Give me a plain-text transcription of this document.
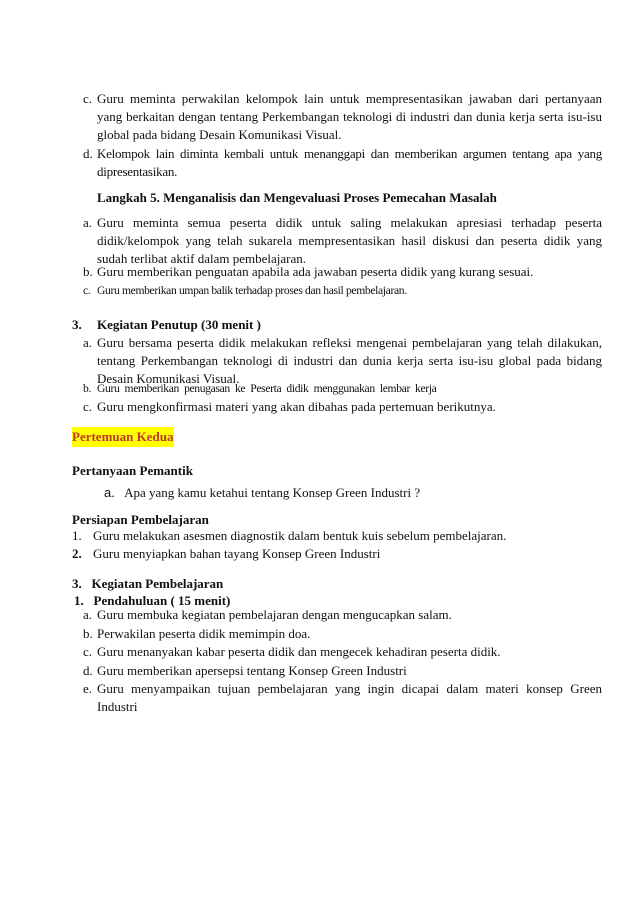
c. Guru meminta perwakilan kelompok lain untuk mempresentasikan jawaban dari pertanyaan yang berkaitan dengan tentang Perkembangan teknologi di industri dan dunia kerja serta isu-isu global pada bidang Desain Komunikasi Visual.
d. Kelompok lain diminta kembali untuk menanggapi dan memberikan argumen tentang apa yang dipresentasikan.
Langkah 5. Menganalisis dan Mengevaluasi Proses Pemecahan Masalah
a. Guru meminta semua peserta didik untuk saling melakukan apresiasi terhadap peserta didik/kelompok yang telah sukarela mempresentasikan hasil diskusi dan peserta didik yang sudah terlibat aktif dalam pembelajaran.
b. Guru memberikan penguatan apabila ada jawaban peserta didik yang kurang sesuai.
c. Guru memberikan umpan balik terhadap proses dan hasil pembelajaran.
3. Kegiatan Penutup (30 menit )
a. Guru bersama peserta didik melakukan refleksi mengenai pembelajaran yang telah dilakukan, tentang Perkembangan teknologi di industri dan dunia kerja serta isu-isu global pada bidang Desain Komunikasi Visual.
b. Guru  memberikan  penugasan  ke  Peserta  didik  menggunakan  lembar  kerja
c. Guru mengkonfirmasi materi yang akan dibahas pada pertemuan berikutnya.
Pertemuan Kedua
Pertanyaan Pemantik
a. Apa yang kamu ketahui tentang Konsep Green Industri ?
Persiapan Pembelajaran
1. Guru melakukan asesmen diagnostik dalam bentuk kuis sebelum pembelajaran.
2. Guru menyiapkan bahan tayang Konsep Green Industri
3.   Kegiatan Pembelajaran
1.   Pendahuluan ( 15 menit)
a. Guru membuka kegiatan pembelajaran dengan mengucapkan salam.
b. Perwakilan peserta didik memimpin doa.
c. Guru menanyakan kabar peserta didik dan mengecek kehadiran peserta didik.
d. Guru memberikan apersepsi tentang Konsep Green Industri
e. Guru menyampaikan tujuan pembelajaran yang ingin dicapai dalam materi konsep Green Industri
